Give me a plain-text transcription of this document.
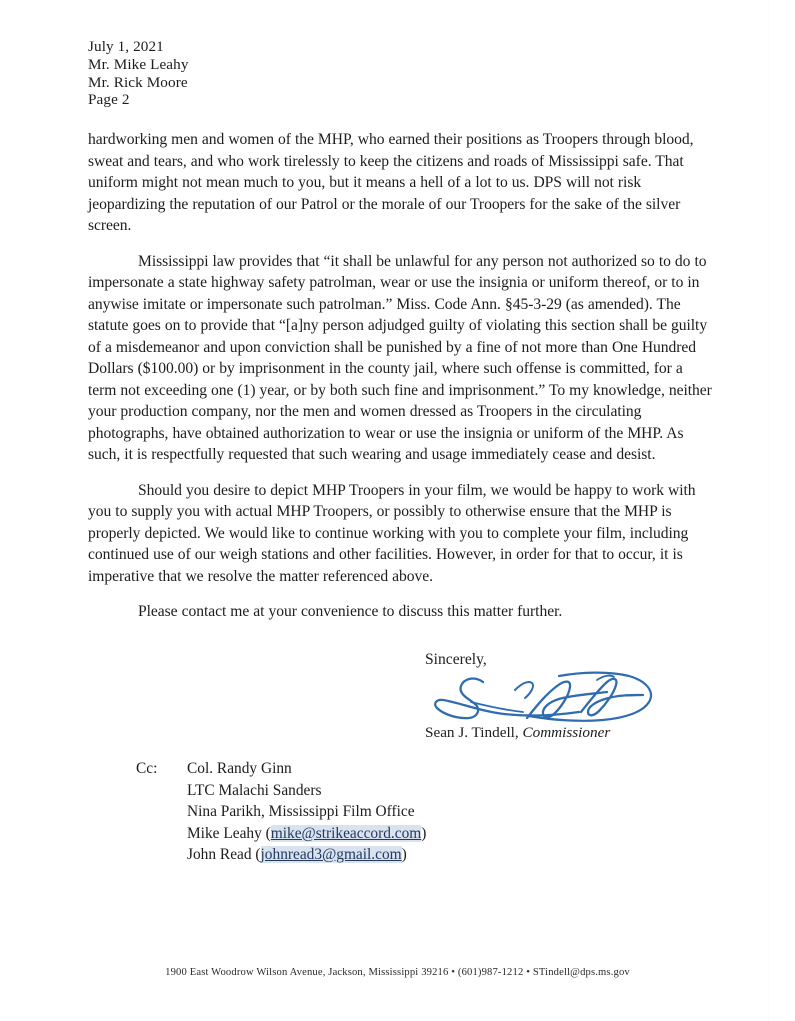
July 1, 2021
Mr. Mike Leahy
Mr. Rick Moore
Page 2

hardworking men and women of the MHP, who earned their positions as Troopers through blood, sweat and tears, and who work tirelessly to keep the citizens and roads of Mississippi safe. That uniform might not mean much to you, but it means a hell of a lot to us. DPS will not risk jeopardizing the reputation of our Patrol or the morale of our Troopers for the sake of the silver screen.

Mississippi law provides that “it shall be unlawful for any person not authorized so to do to impersonate a state highway safety patrolman, wear or use the insignia or uniform thereof, or to in anywise imitate or impersonate such patrolman.” Miss. Code Ann. §45-3-29 (as amended). The statute goes on to provide that “[a]ny person adjudged guilty of violating this section shall be guilty of a misdemeanor and upon conviction shall be punished by a fine of not more than One Hundred Dollars ($100.00) or by imprisonment in the county jail, where such offense is committed, for a term not exceeding one (1) year, or by both such fine and imprisonment.” To my knowledge, neither your production company, nor the men and women dressed as Troopers in the circulating photographs, have obtained authorization to wear or use the insignia or uniform of the MHP. As such, it is respectfully requested that such wearing and usage immediately cease and desist.

Should you desire to depict MHP Troopers in your film, we would be happy to work with you to supply you with actual MHP Troopers, or possibly to otherwise ensure that the MHP is properly depicted. We would like to continue working with you to complete your film, including continued use of our weigh stations and other facilities. However, in order for that to occur, it is imperative that we resolve the matter referenced above.

Please contact me at your convenience to discuss this matter further.

Sincerely,
Sean J. Tindell, Commissioner
Cc:	Col. Randy Ginn
LTC Malachi Sanders
Nina Parikh, Mississippi Film Office
Mike Leahy (mike@strikeaccord.com)
John Read (johnread3@gmail.com)
1900 East Woodrow Wilson Avenue, Jackson, Mississippi 39216 • (601)987-1212 • STindell@dps.ms.gov
